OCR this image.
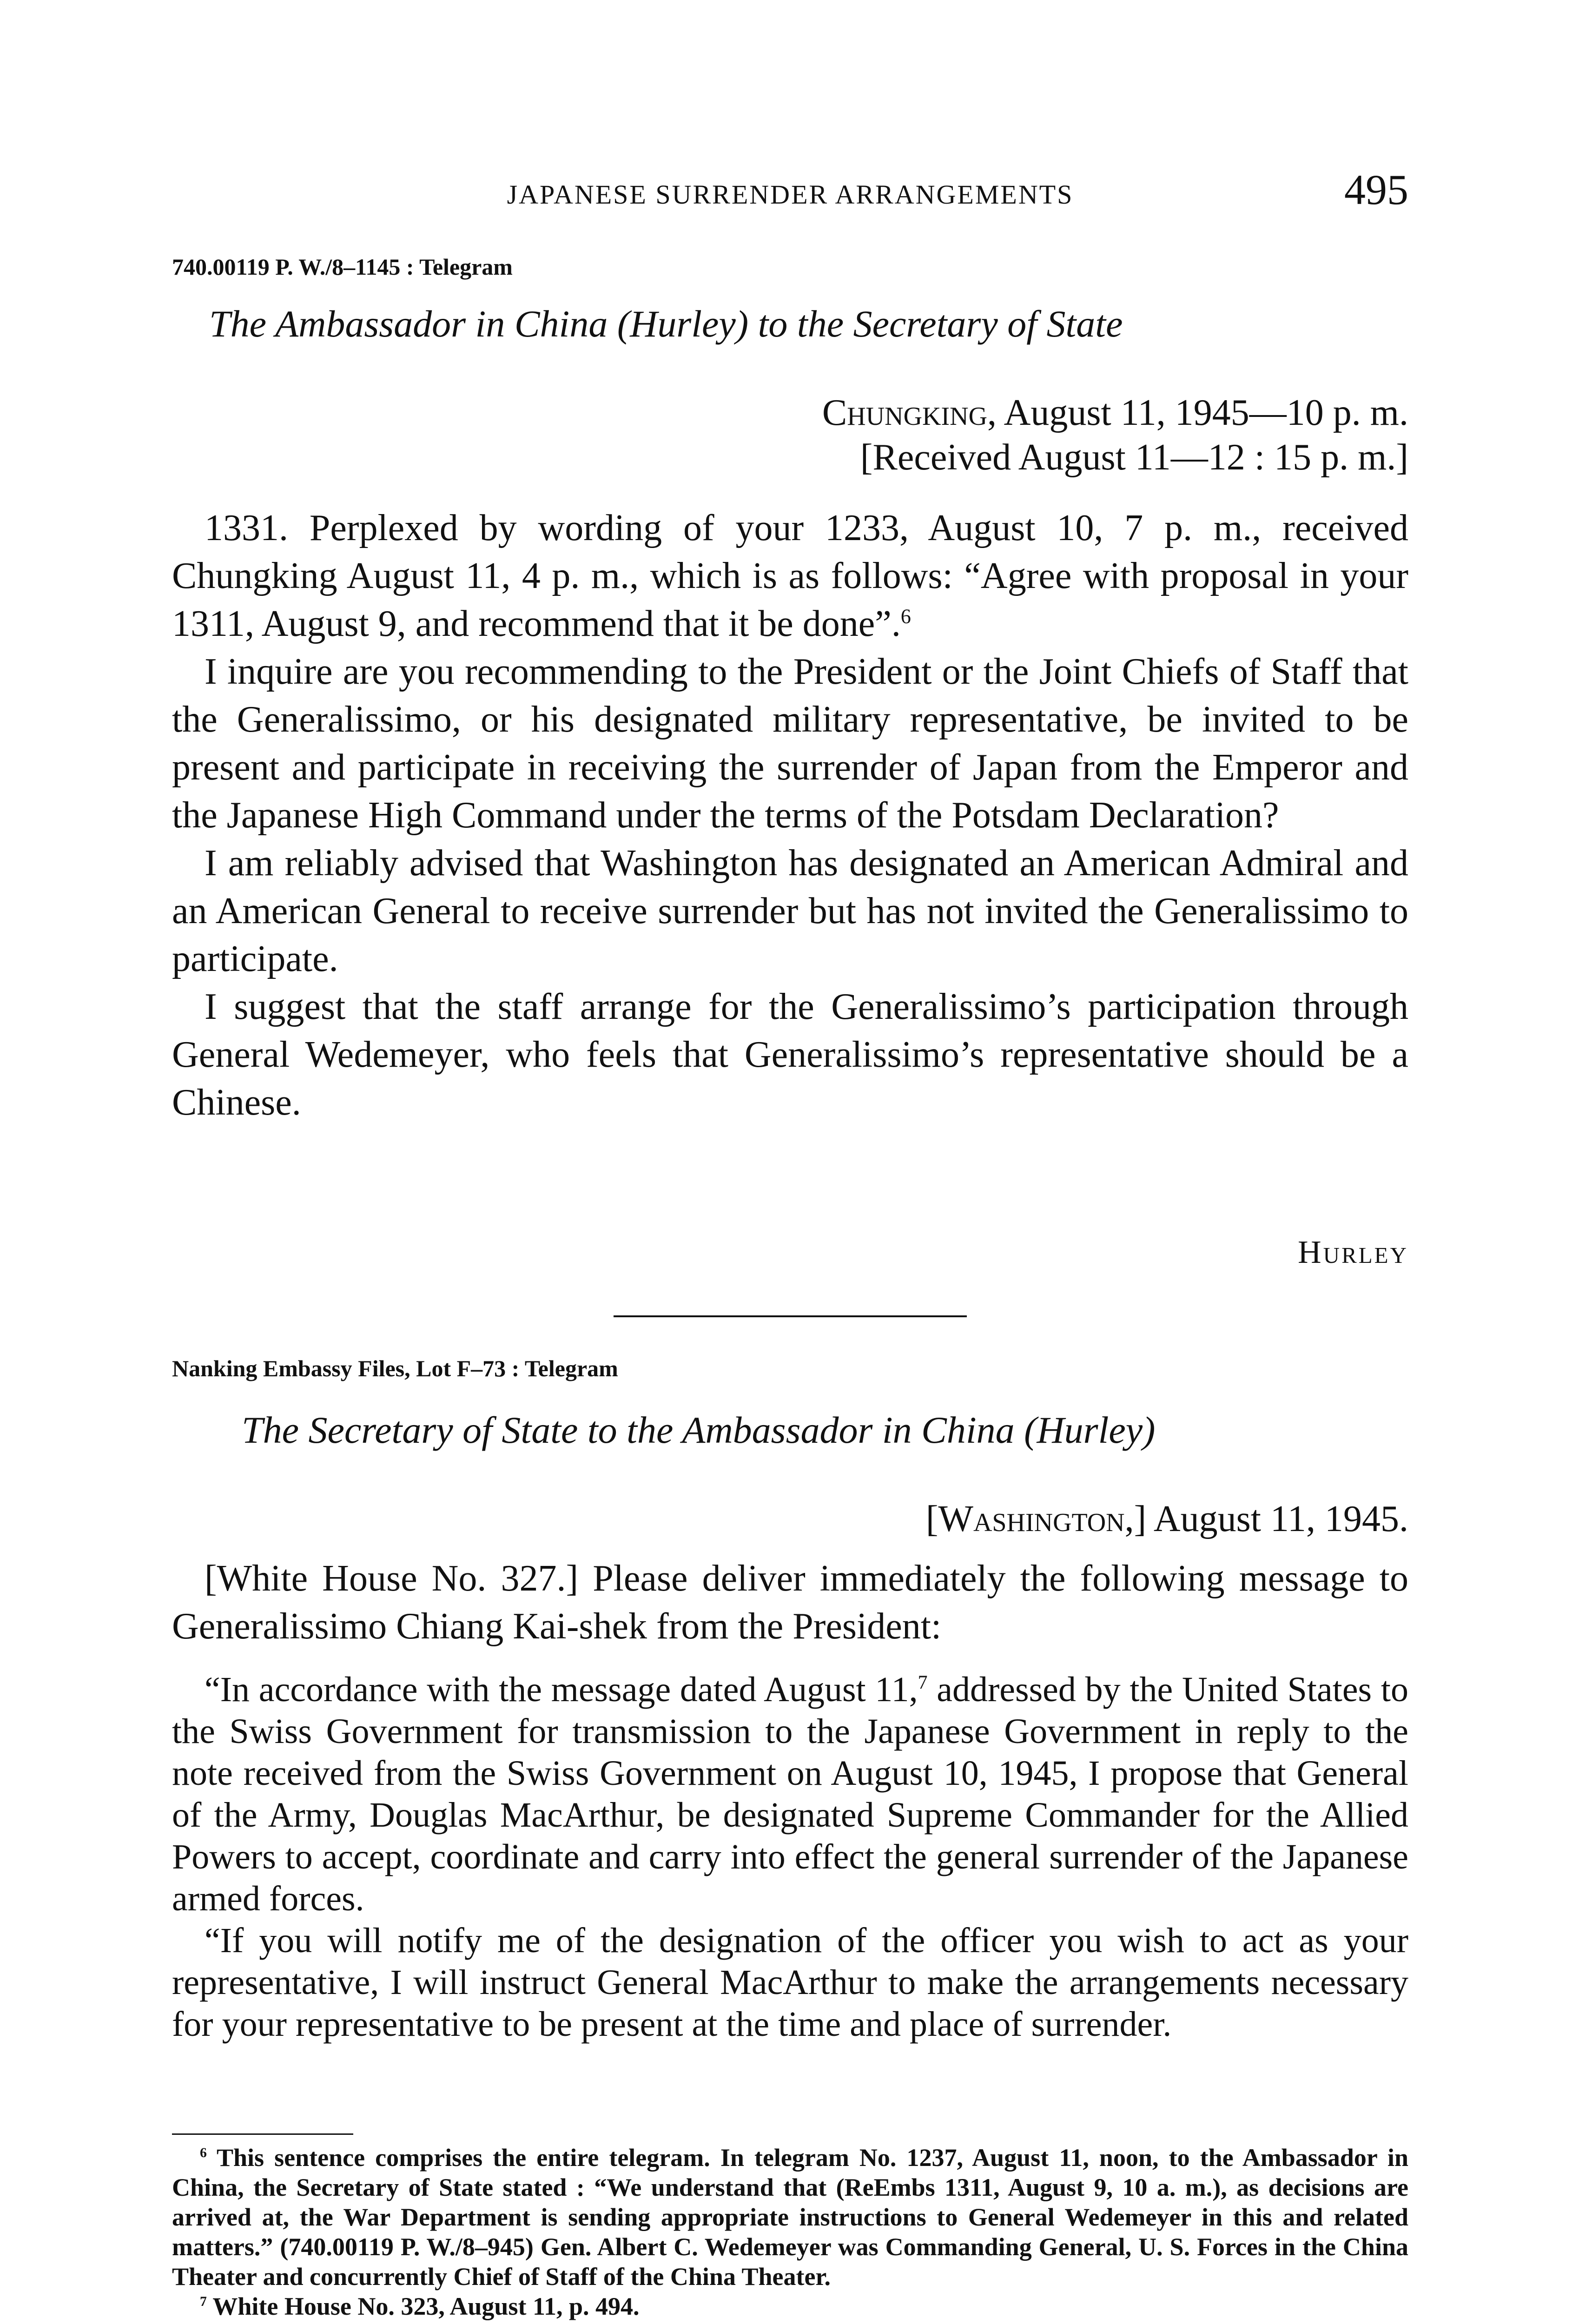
JAPANESE SURRENDER ARRANGEMENTS	495
740.00119 P. W./8–1145 : Telegram
The Ambassador in China (Hurley) to the Secretary of State
Chungking, August 11, 1945—10 p. m.
[Received August 11—12 : 15 p. m.]

1331. Perplexed by wording of your 1233, August 10, 7 p. m., received Chungking August 11, 4 p. m., which is as follows: “Agree with proposal in your 1311, August 9, and recommend that it be done”.$^6$

I inquire are you recommending to the President or the Joint Chiefs of Staff that the Generalissimo, or his designated military representative, be invited to be present and participate in receiving the surrender of Japan from the Emperor and the Japanese High Command under the terms of the Potsdam Declaration?

I am reliably advised that Washington has designated an American Admiral and an American General to receive surrender but has not invited the Generalissimo to participate.

I suggest that the staff arrange for the Generalissimo’s participation through General Wedemeyer, who feels that Generalissimo’s representative should be a Chinese.

Hurley
Nanking Embassy Files, Lot F–73 : Telegram
The Secretary of State to the Ambassador in China (Hurley)
[Washington,] August 11, 1945.

[White House No. 327.] Please deliver immediately the following message to Generalissimo Chiang Kai-shek from the President:

“In accordance with the message dated August 11,$^7$ addressed by the United States to the Swiss Government for transmission to the Japanese Government in reply to the note received from the Swiss Government on August 10, 1945, I propose that General of the Army, Douglas MacArthur, be designated Supreme Commander for the Allied Powers to accept, coordinate and carry into effect the general surrender of the Japanese armed forces.

“If you will notify me of the designation of the officer you wish to act as your representative, I will instruct General MacArthur to make the arrangements necessary for your representative to be present at the time and place of surrender.

$^6$ This sentence comprises the entire telegram. In telegram No. 1237, August 11, noon, to the Ambassador in China, the Secretary of State stated : “We understand that (ReEmbs 1311, August 9, 10 a. m.), as decisions are arrived at, the War Department is sending appropriate instructions to General Wedemeyer in this and related matters.” (740.00119 P. W./8–945) Gen. Albert C. Wedemeyer was Commanding General, U. S. Forces in the China Theater and concurrently Chief of Staff of the China Theater.

$^7$ White House No. 323, August 11, p. 494.
